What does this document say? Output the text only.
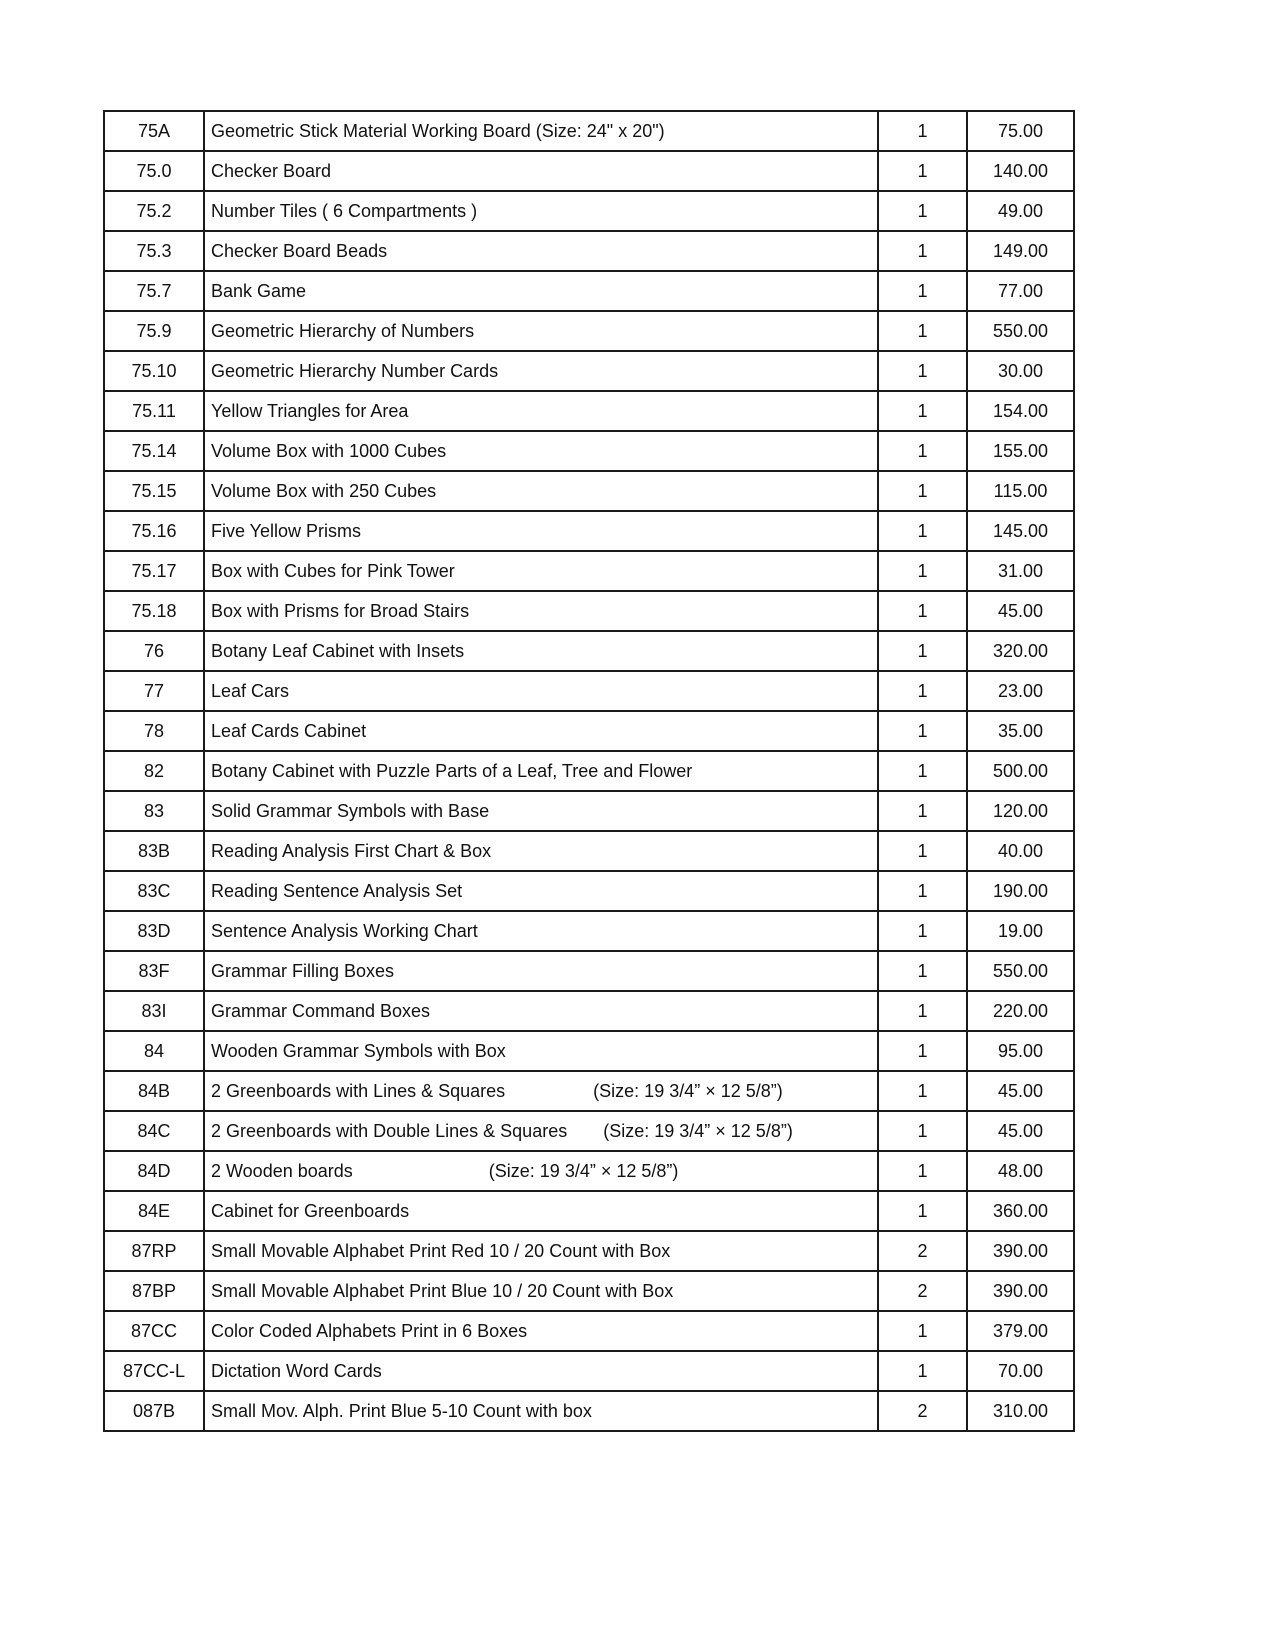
75A	Geometric Stick Material Working Board (Size: 24" x 20")	1	75.00
75.0	Checker Board	1	140.00
75.2	Number Tiles ( 6 Compartments )	1	49.00
75.3	Checker Board Beads	1	149.00
75.7	Bank Game	1	77.00
75.9	Geometric Hierarchy of Numbers	1	550.00
75.10	Geometric Hierarchy Number Cards	1	30.00
75.11	Yellow Triangles for Area	1	154.00
75.14	Volume Box with 1000 Cubes	1	155.00
75.15	Volume Box with 250 Cubes	1	115.00
75.16	Five Yellow Prisms	1	145.00
75.17	Box with Cubes for Pink Tower	1	31.00
75.18	Box with Prisms for Broad Stairs	1	45.00
76	Botany Leaf Cabinet with Insets	1	320.00
77	Leaf Cars	1	23.00
78	Leaf Cards Cabinet	1	35.00
82	Botany Cabinet with Puzzle Parts of a Leaf, Tree and Flower	1	500.00
83	Solid Grammar Symbols with Base	1	120.00
83B	Reading Analysis First Chart & Box	1	40.00
83C	Reading Sentence Analysis Set	1	190.00
83D	Sentence Analysis Working Chart	1	19.00
83F	Grammar Filling Boxes	1	550.00
83I	Grammar Command Boxes	1	220.00
84	Wooden Grammar Symbols with Box	1	95.00
84B	2 Greenboards with Lines & Squares (Size: 19 3/4” × 12 5/8”)	1	45.00
84C	2 Greenboards with Double Lines & Squares (Size: 19 3/4” × 12 5/8”)	1	45.00
84D	2 Wooden boards (Size: 19 3/4” × 12 5/8”)	1	48.00
84E	Cabinet for Greenboards	1	360.00
87RP	Small Movable Alphabet Print Red 10 / 20 Count with Box	2	390.00
87BP	Small Movable Alphabet Print Blue 10 / 20 Count with Box	2	390.00
87CC	Color Coded Alphabets Print in 6 Boxes	1	379.00
87CC-L	Dictation Word Cards	1	70.00
087B	Small Mov. Alph. Print Blue 5-10 Count with box	2	310.00
